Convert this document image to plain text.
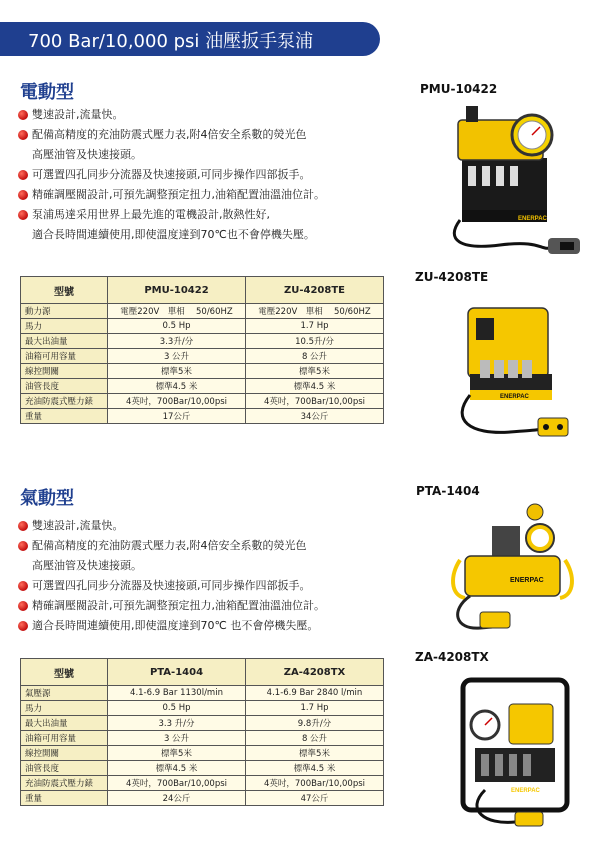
700 Bar/10,000 psi 油壓扳手泵浦
電動型
雙速設計,流量快。
配備高精度的充油防震式壓力表,附4倍安全系數的熒光色
高壓油管及快速接頭。
可選置四孔同步分流器及快速接頭,可同步操作四部扳手。
精確調壓閥設計,可預先調整預定扭力,油箱配置油溫油位計。
泵浦馬達采用世界上最先進的電機設計,散熱性好,
適合長時間連續使用,即使溫度達到70℃也不會停機失壓。
型號	PMU-10422	ZU-4208TE
動力源	電壓220V　單相　 50/60HZ	電壓220V　單相　 50/60HZ
馬力	0.5 Hp	1.7 Hp
最大出油量	3.3升/分	10.5升/分
油箱可用容量	3 公升	8 公升
線控開關	標準5米	標準5米
油管長度	標準4.5 米	標準4.5 米
充油防震式壓力錶	4英吋，700Bar/10,00psi	4英吋，700Bar/10,00psi
重量	17公斤	34公斤
氣動型
雙速設計,流量快。
配備高精度的充油防震式壓力表,附4倍安全系數的熒光色
高壓油管及快速接頭。
可選置四孔同步分流器及快速接頭,可同步操作四部扳手。
精確調壓閥設計,可預先調整預定扭力,油箱配置油溫油位計。
適合長時間連續使用,即使溫度達到70℃ 也不會停機失壓。
型號	PTA-1404	ZA-4208TX
氣壓源	4.1-6.9 Bar 1130l/min	4.1-6.9 Bar 2840 l/min
馬力	0.5 Hp	1.7 Hp
最大出油量	3.3 升/分	9.8升/分
油箱可用容量	3 公升	8 公升
線控開關	標準5米	標準5米
油管長度	標準4.5 米	標準4.5 米
充油防震式壓力錶	4英吋，700Bar/10,00psi	4英吋，700Bar/10,00psi
重量	24公斤	47公斤
PMU-10422
ZU-4208TE
PTA-1404
ZA-4208TX
ENERPAC
ENERPAC
ENERPAC
ENERPAC
